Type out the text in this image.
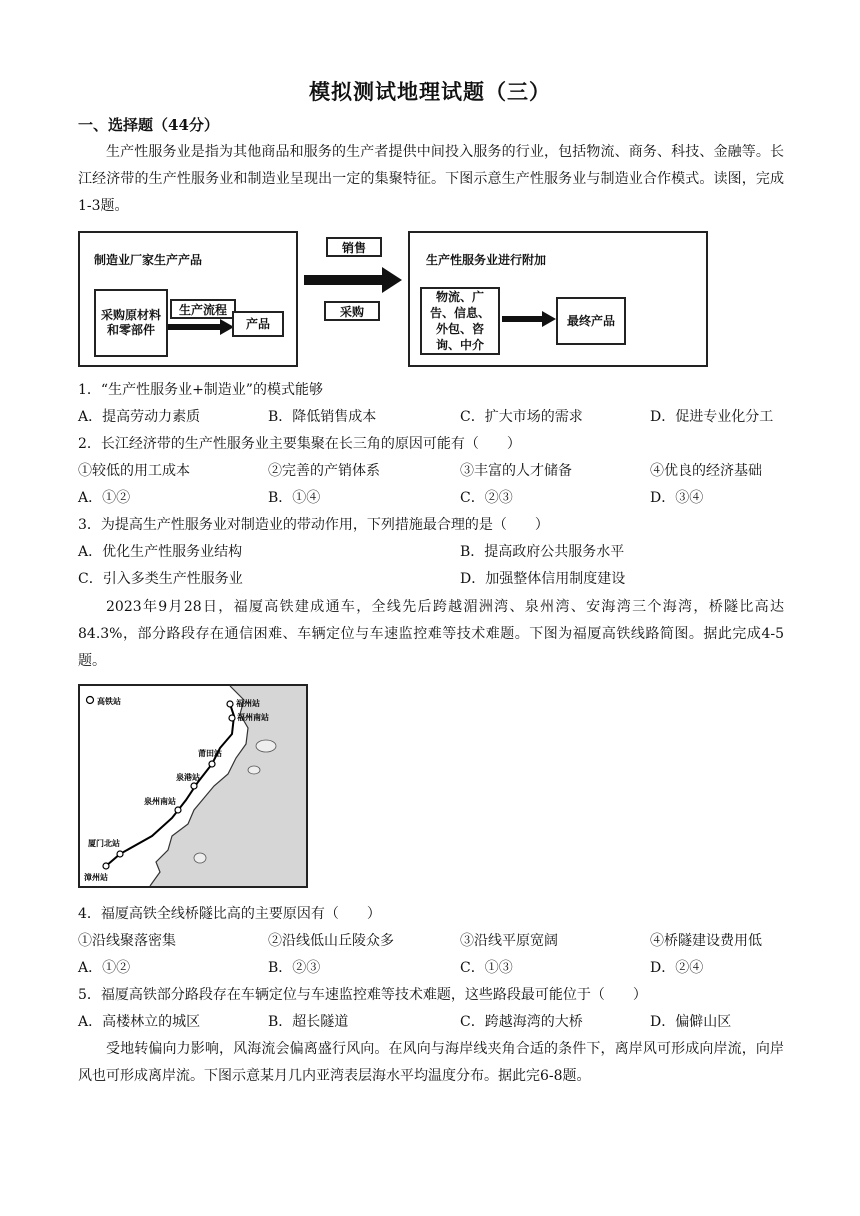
模拟测试地理试题（三）
一、选择题（44分）
生产性服务业是指为其他商品和服务的生产者提供中间投入服务的行业，包括物流、商务、科技、金融等。长江经济带的生产性服务业和制造业呈现出一定的集聚特征。下图示意生产性服务业与制造业合作模式。读图，完成1-3题。
制造业厂家生产产品
采购原材料和零部件
生产流程
产品
销售
采购
生产性服务业进行附加
物流、广告、信息、外包、咨询、中介
最终产品
1．“生产性服务业+制造业”的模式能够
A．提高劳动力素质	B．降低销售成本	C．扩大市场的需求	D．促进专业化分工
2．长江经济带的生产性服务业主要集聚在长三角的原因可能有（　　）
①较低的用工成本	②完善的产销体系	③丰富的人才储备	④优良的经济基础
A．①②	B．①④	C．②③	D．③④
3．为提高生产性服务业对制造业的带动作用，下列措施最合理的是（　　）
A．优化生产性服务业结构	B．提高政府公共服务水平
C．引入多类生产性服务业	D．加强整体信用制度建设
2023年9月28日，福厦高铁建成通车，全线先后跨越湄洲湾、泉州湾、安海湾三个海湾，桥隧比高达84.3%，部分路段存在通信困难、车辆定位与车速监控难等技术难题。下图为福厦高铁线路简图。据此完成4-5题。
高铁站	福州站
福州南站
莆田站
泉港站
泉州南站
厦门北站
漳州站
4．福厦高铁全线桥隧比高的主要原因有（　　）
①沿线聚落密集	②沿线低山丘陵众多	③沿线平原宽阔	④桥隧建设费用低
A．①②	B．②③	C．①③	D．②④
5．福厦高铁部分路段存在车辆定位与车速监控难等技术难题，这些路段最可能位于（　　）
A．高楼林立的城区	B．超长隧道	C．跨越海湾的大桥	D．偏僻山区
受地转偏向力影响，风海流会偏离盛行风向。在风向与海岸线夹角合适的条件下，离岸风可形成向岸流，向岸风也可形成离岸流。下图示意某月几内亚湾表层海水平均温度分布。据此完6-8题。
